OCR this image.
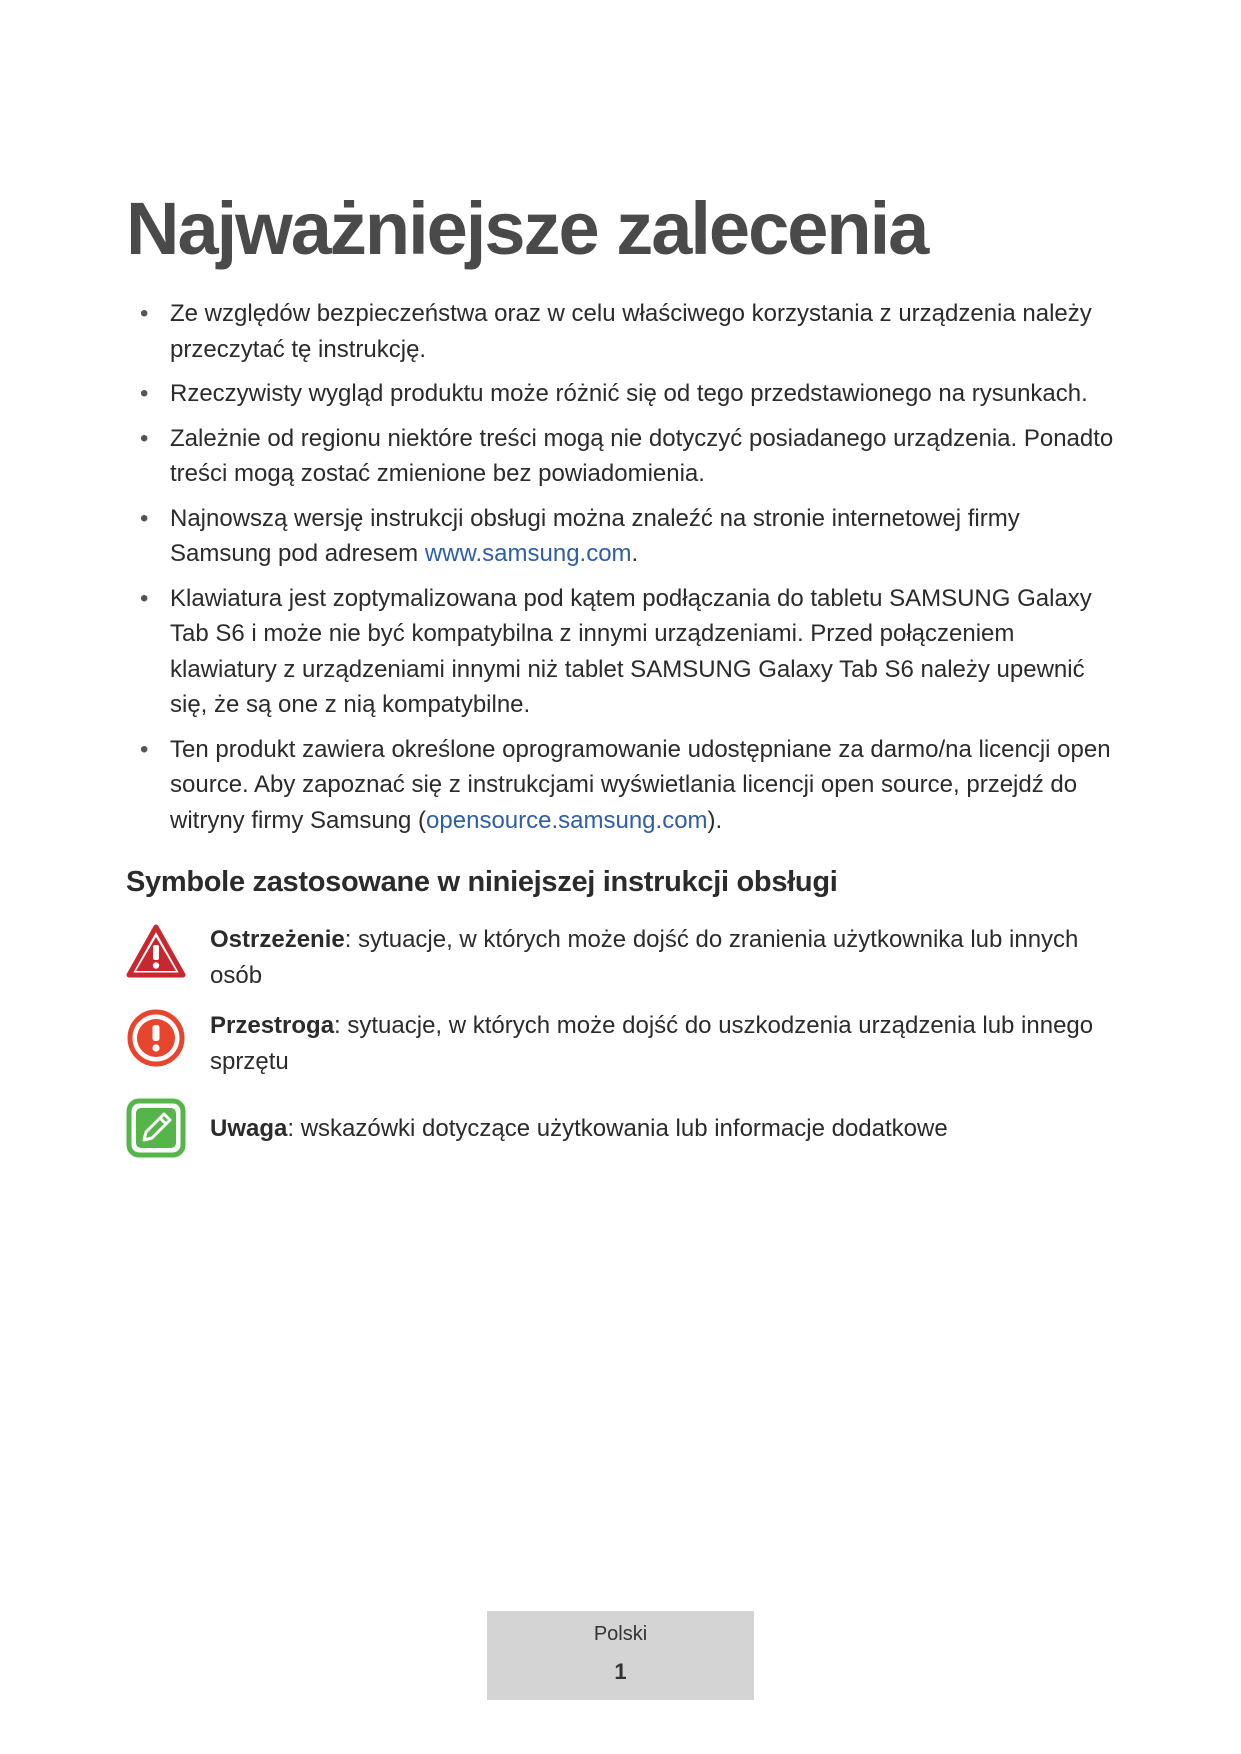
Najważniejsze zalecenia
• Ze względów bezpieczeństwa oraz w celu właściwego korzystania z urządzenia należy przeczytać tę instrukcję.
• Rzeczywisty wygląd produktu może różnić się od tego przedstawionego na rysunkach.
• Zależnie od regionu niektóre treści mogą nie dotyczyć posiadanego urządzenia. Ponadto treści mogą zostać zmienione bez powiadomienia.
• Najnowszą wersję instrukcji obsługi można znaleźć na stronie internetowej firmy Samsung pod adresem www.samsung.com.
• Klawiatura jest zoptymalizowana pod kątem podłączania do tabletu SAMSUNG Galaxy Tab S6 i może nie być kompatybilna z innymi urządzeniami. Przed połączeniem klawiatury z urządzeniami innymi niż tablet SAMSUNG Galaxy Tab S6 należy upewnić się, że są one z nią kompatybilne.
• Ten produkt zawiera określone oprogramowanie udostępniane za darmo/na licencji open source. Aby zapoznać się z instrukcjami wyświetlania licencji open source, przejdź do witryny firmy Samsung (opensource.samsung.com).
Symbole zastosowane w niniejszej instrukcji obsługi
Ostrzeżenie: sytuacje, w których może dojść do zranienia użytkownika lub innych osób
Przestroga: sytuacje, w których może dojść do uszkodzenia urządzenia lub innego sprzętu
Uwaga: wskazówki dotyczące użytkowania lub informacje dodatkowe
Polski
1
